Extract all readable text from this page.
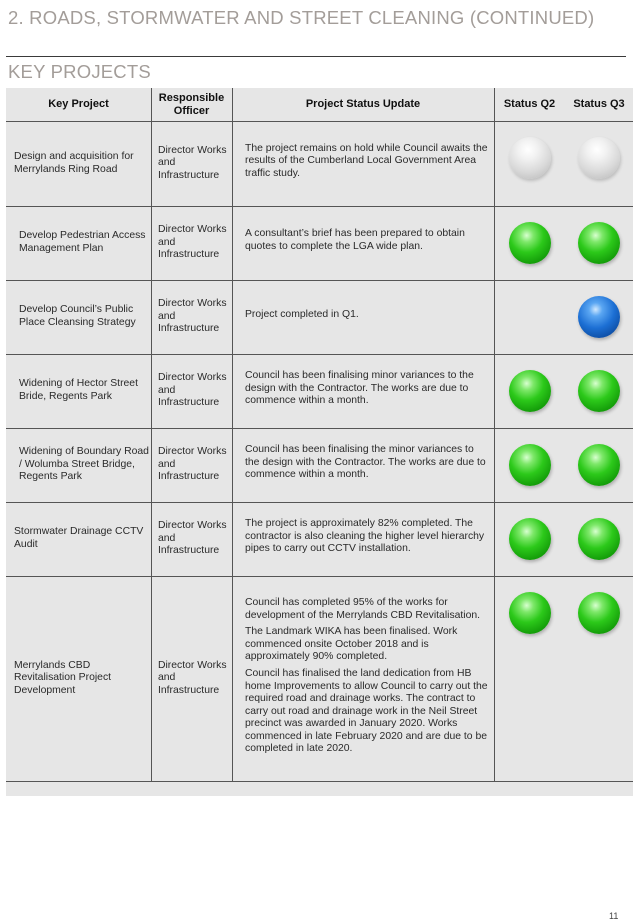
2. ROADS, STORMWATER AND STREET CLEANING (CONTINUED)
KEY PROJECTS
Key Project
Responsible Officer
Project Status Update	Status Q2	Status Q3
Design and acquisition for Merrylands Ring Road
Director Works and Infrastructure

The project remains on hold while Council awaits the results of the Cumberland Local Government Area traffic study.

Develop Pedestrian Access Management Plan
Director Works and Infrastructure

A consultant’s brief has been prepared to obtain quotes to complete the LGA wide plan.

Develop Council’s Public Place Cleansing Strategy
Director Works and Infrastructure

Project completed in Q1.

Widening of Hector Street Bride, Regents Park
Director Works and Infrastructure

Council has been finalising minor variances to the design with the Contractor. The works are due to commence within a month.

Widening of Boundary Road / Wolumba Street Bridge, Regents Park
Director Works and Infrastructure

Council has been finalising the minor variances to the design with the Contractor. The works are due to commence within a month.

Stormwater Drainage CCTV Audit
Director Works and Infrastructure

The project is approximately 82% completed. The contractor is also cleaning the higher level hierarchy pipes to carry out CCTV installation.

Merrylands CBD Revitalisation Project Development
Director Works and Infrastructure

Council has completed 95% of the works for development of the Merrylands CBD Revitalisation.

The Landmark WIKA has been finalised. Work commenced onsite October 2018 and is approximately 90% completed.

Council has finalised the land dedication from HB home Improvements to allow Council to carry out the required road and drainage works. The contract to carry out road and drainage work in the Neil Street precinct was awarded in January 2020. Works commenced in late February 2020 and are due to be completed in late 2020.

11
